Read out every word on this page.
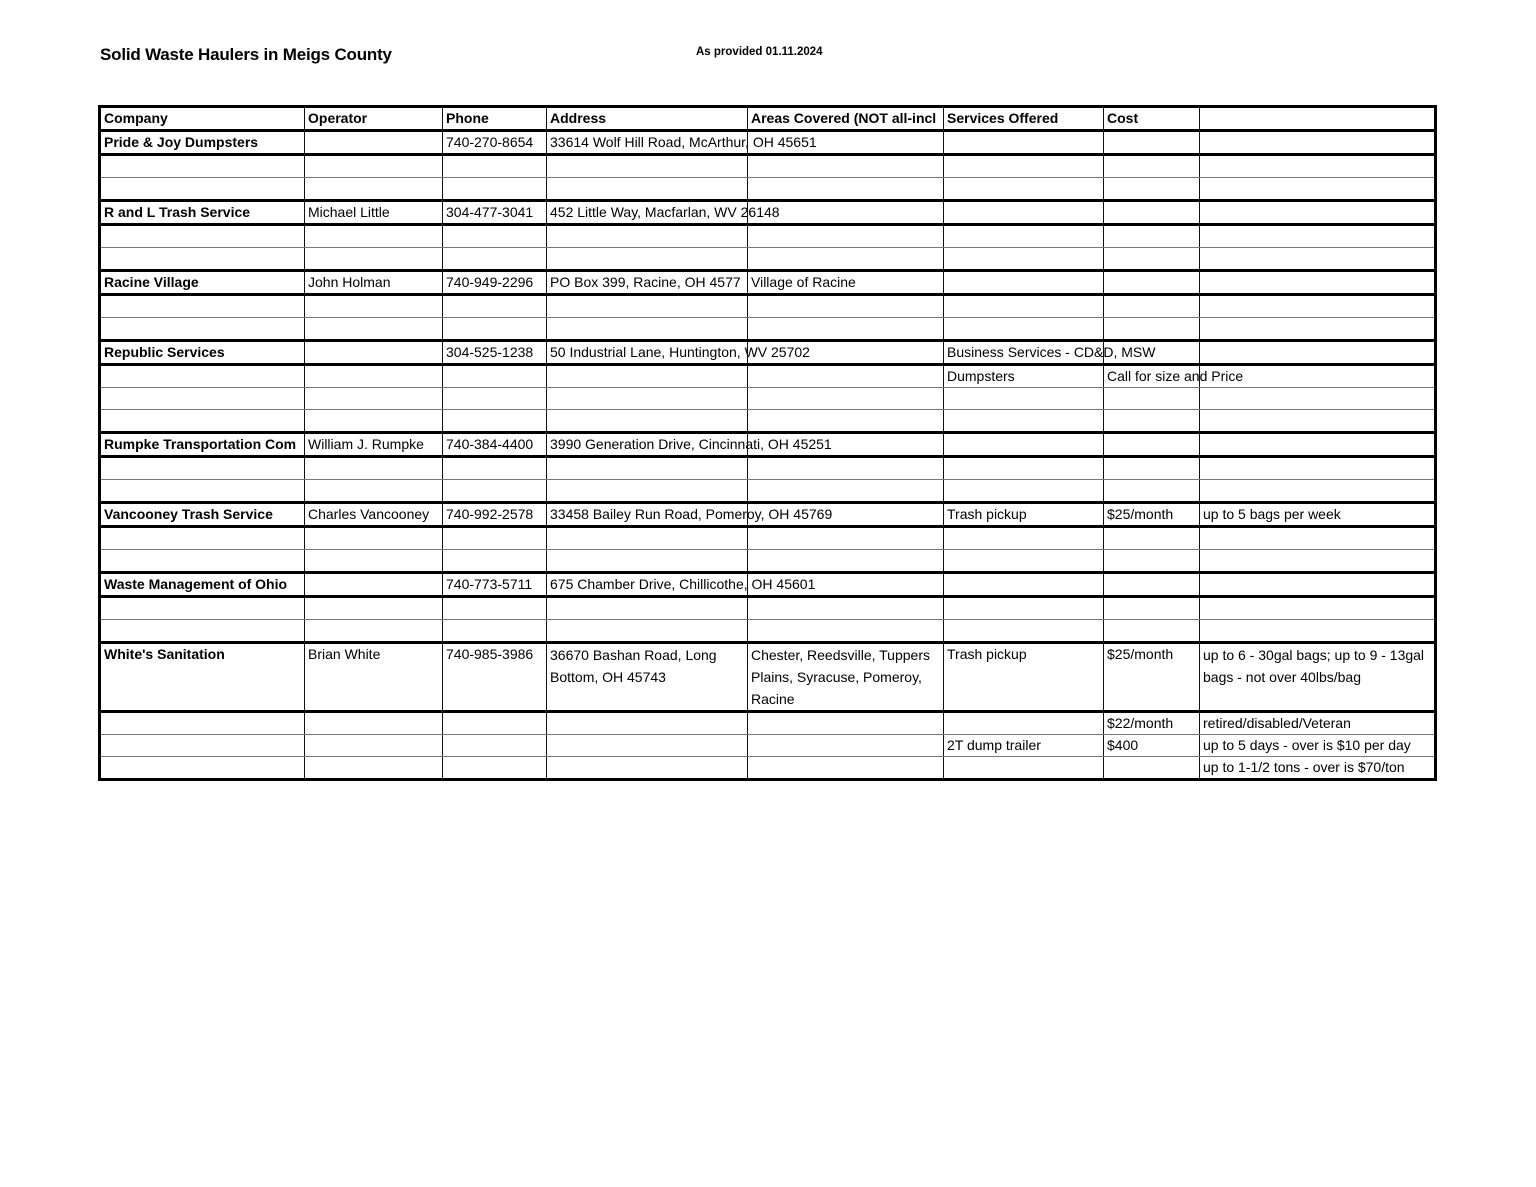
Solid Waste Haulers in Meigs County	As provided 01.11.2024
Company	Operator	Phone	Address	Areas Covered (NOT all-incl	Services Offered	Cost	
Pride & Joy Dumpsters		740-270-8654	33614 Wolf Hill Road, McArthur, OH 45651				

R and L Trash Service	Michael Little	304-477-3041	452 Little Way, Macfarlan, WV 26148				

Racine Village	John Holman	740-949-2296	PO Box 399, Racine, OH 4577	Village of Racine			

Republic Services		304-525-1238	50 Industrial Lane, Huntington, WV 25702		Business Services - CD&D, MSW		
					Dumpsters	Call for size and Price	

Rumpke Transportation Com	William J. Rumpke	740-384-4400	3990 Generation Drive, Cincinnati, OH 45251				

Vancooney Trash Service	Charles Vancooney	740-992-2578	33458 Bailey Run Road, Pomeroy, OH 45769		Trash pickup	$25/month	up to 5 bags per week

Waste Management of Ohio		740-773-5711	675 Chamber Drive, Chillicothe, OH 45601				

White's Sanitation	Brian White	740-985-3986	36670 Bashan Road, Long Bottom, OH 45743	Chester, Reedsville, Tuppers Plains, Syracuse, Pomeroy, Racine	Trash pickup	$25/month	up to 6 - 30gal bags; up to 9 - 13gal bags - not over 40lbs/bag
						$22/month	retired/disabled/Veteran
					2T dump trailer	$400	up to 5 days - over is $10 per day
							up to 1-1/2 tons - over is $70/ton
